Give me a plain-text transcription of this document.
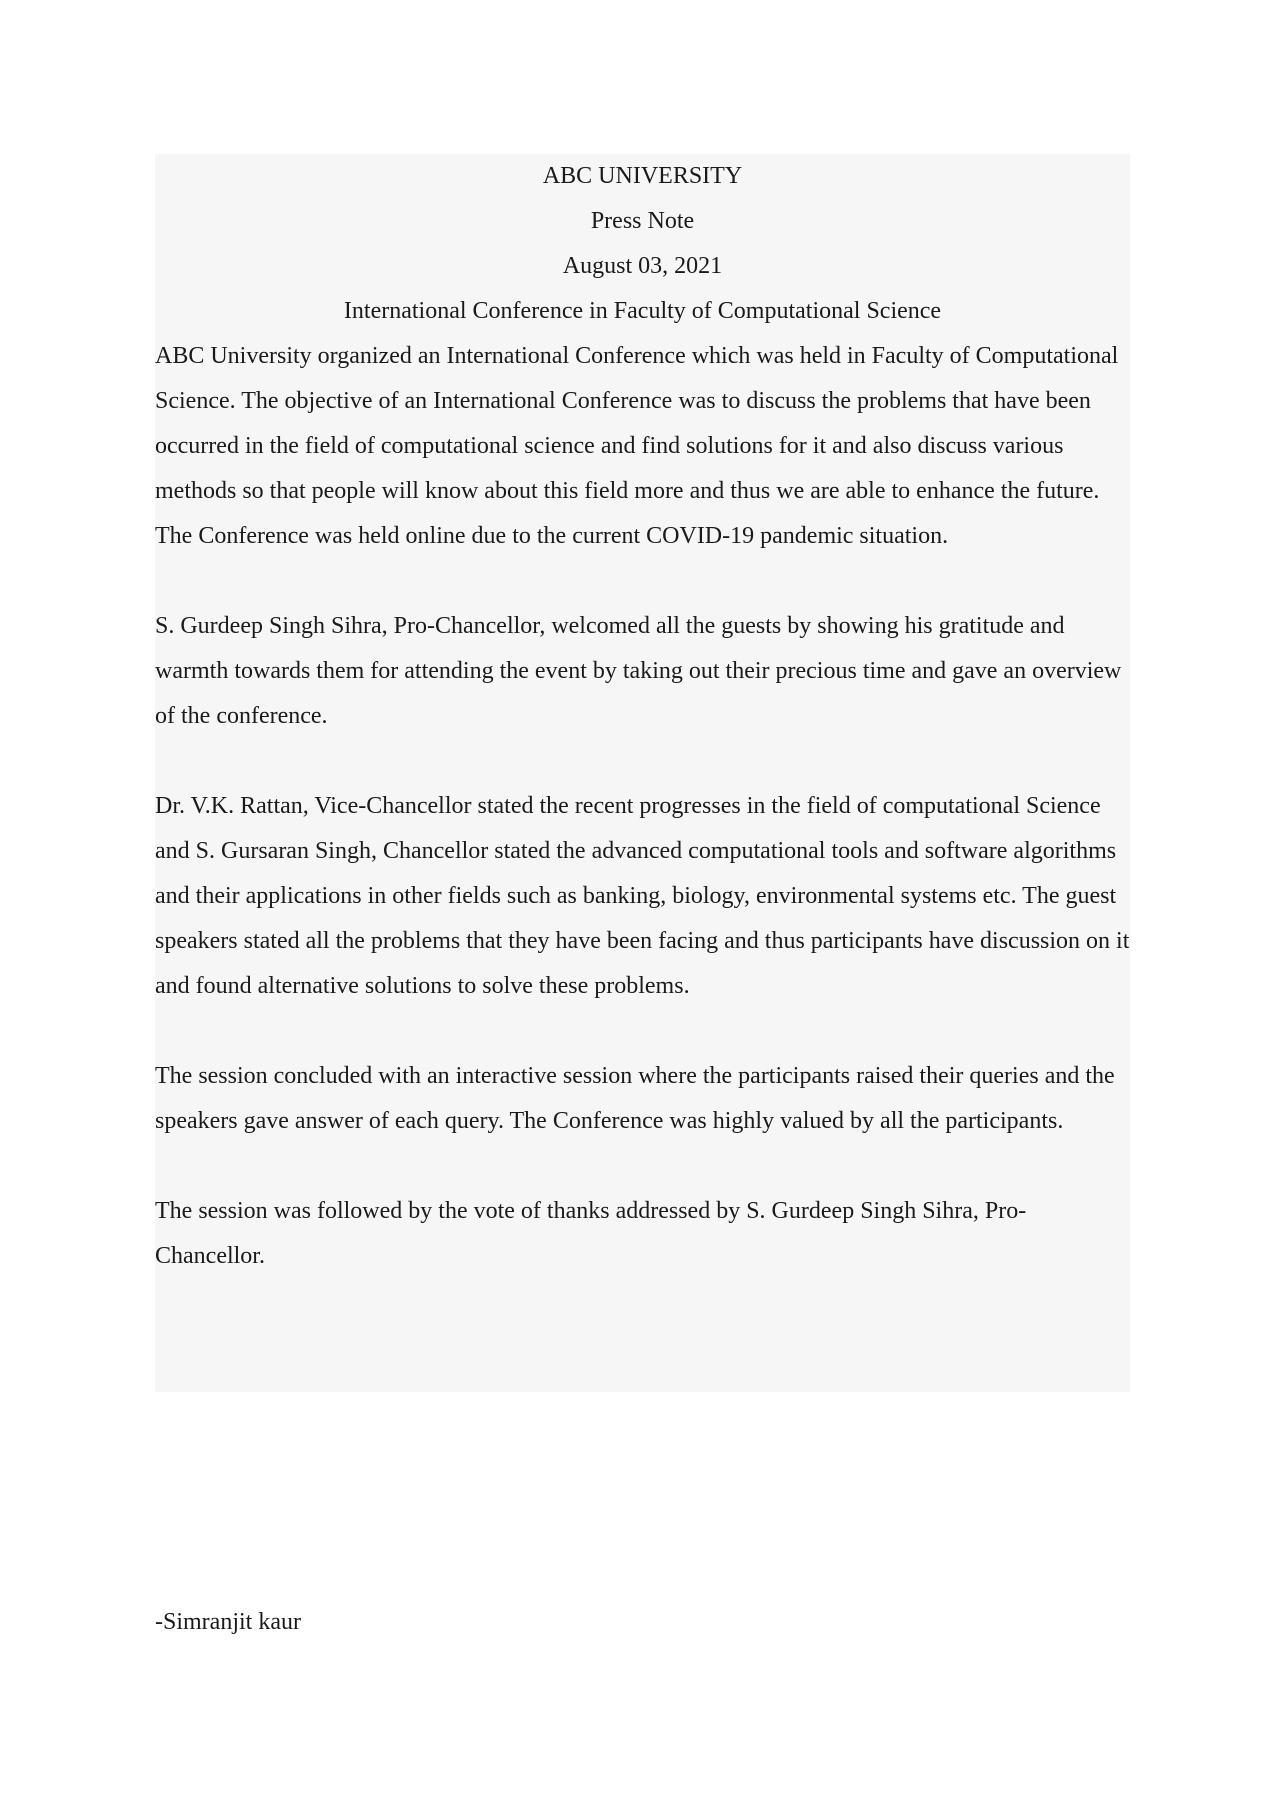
ABC UNIVERSITY

Press Note

August 03, 2021

International Conference in Faculty of Computational Science

ABC University organized an International Conference which was held in Faculty of Computational Science. The objective of an International Conference was to discuss the problems that have been occurred in the field of computational science and find solutions for it and also discuss various methods so that people will know about this field more and thus we are able to enhance the future. The Conference was held online due to the current COVID-19 pandemic situation.

S. Gurdeep Singh Sihra, Pro-Chancellor, welcomed all the guests by showing his gratitude and warmth towards them for attending the event by taking out their precious time and gave an overview of the conference.

Dr. V.K. Rattan, Vice-Chancellor stated the recent progresses in the field of computational Science and S. Gursaran Singh, Chancellor stated the advanced computational tools and software algorithms and their applications in other fields such as banking, biology, environmental systems etc. The guest speakers stated all the problems that they have been facing and thus participants have discussion on it and found alternative solutions to solve these problems.

The session concluded with an interactive session where the participants raised their queries and the speakers gave answer of each query. The Conference was highly valued by all the participants.

The session was followed by the vote of thanks addressed by S. Gurdeep Singh Sihra, Pro-Chancellor.

-Simranjit kaur
